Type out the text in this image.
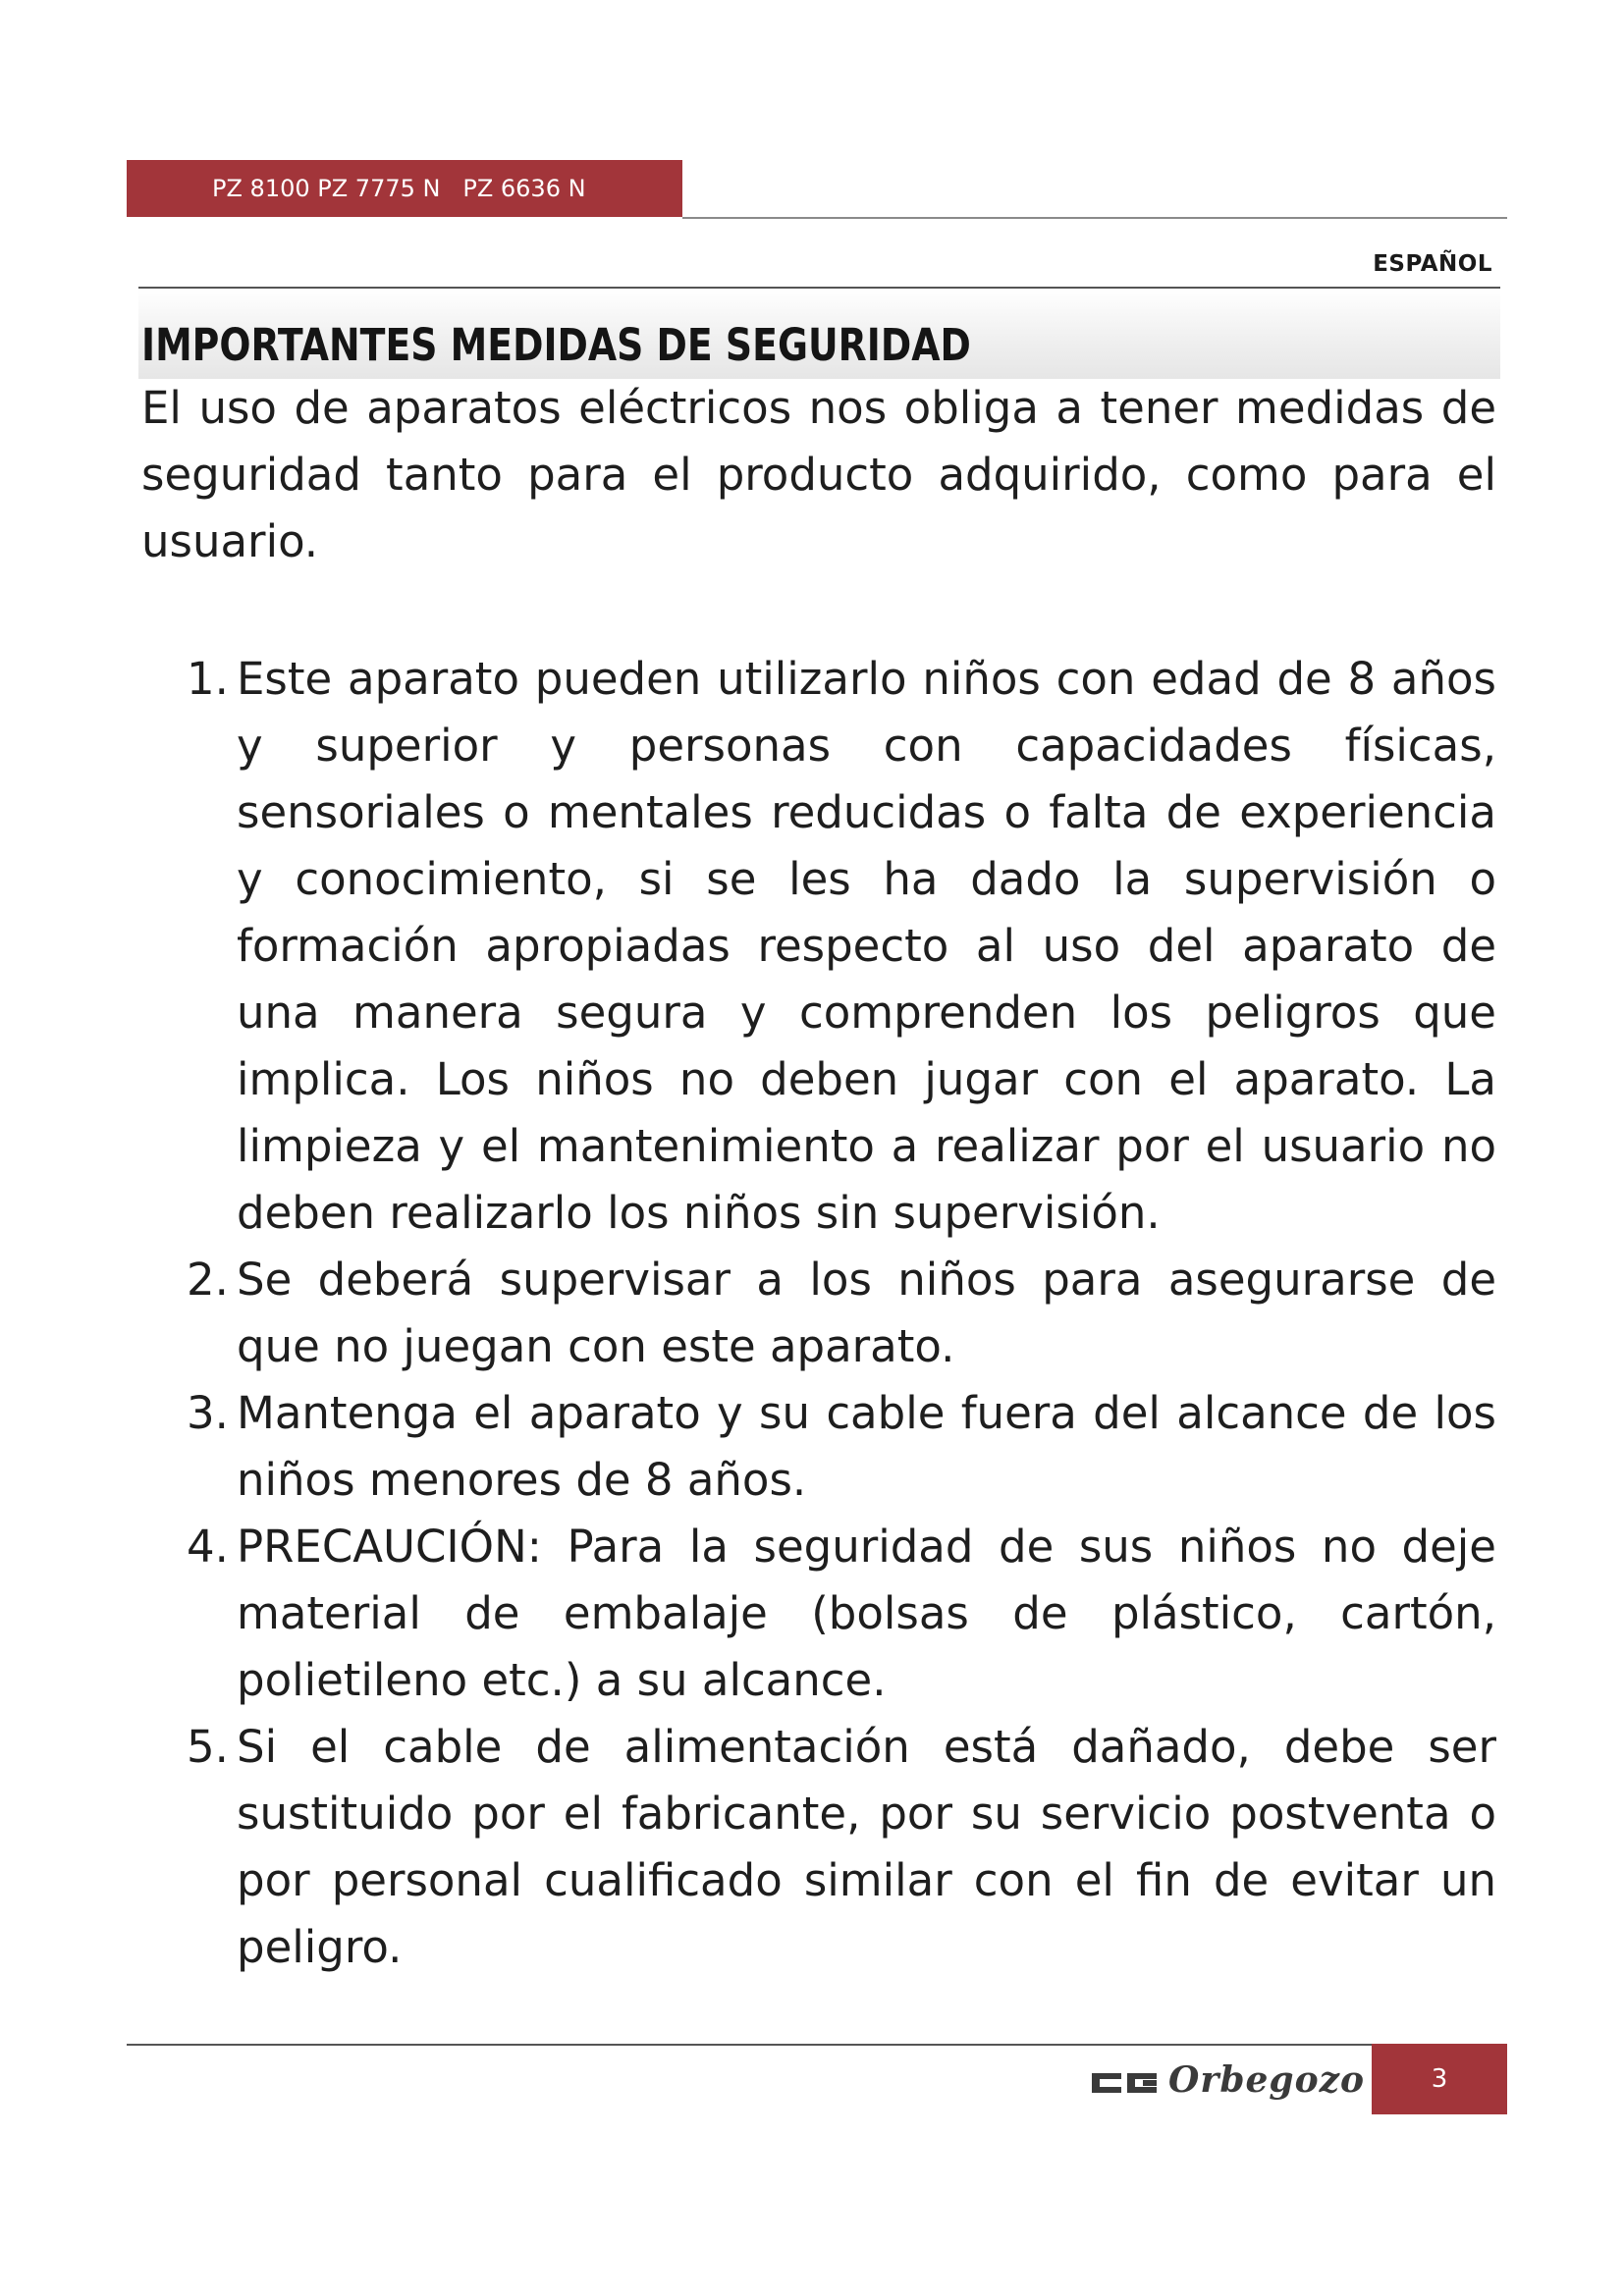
PZ 8100 PZ 7775 N   PZ 6636 N
ESPAÑOL
IMPORTANTES MEDIDAS DE SEGURIDAD

El uso de aparatos eléctricos nos obliga a tener medidas de seguridad tanto para el producto adquirido, como para el usuario.

1. Este aparato pueden utilizarlo niños con edad de 8 años y superior y personas con capacidades físicas, sensoriales o mentales reducidas o falta de experiencia y conocimiento, si se les ha dado la supervisión o formación apropiadas respecto al uso del aparato de una manera segura y comprenden los peligros que implica. Los niños no deben jugar con el aparato. La limpieza y el mantenimiento a realizar por el usuario no deben realizarlo los niños sin supervisión.
2. Se deberá supervisar a los niños para asegurarse de que no juegan con este aparato.
3. Mantenga el aparato y su cable fuera del alcance de los niños menores de 8 años.
4. PRECAUCIÓN: Para la seguridad de sus niños no deje material de embalaje (bolsas de plástico, cartón, polietileno etc.) a su alcance.
5. Si el cable de alimentación está dañado, debe ser sustituido por el fabricante, por su servicio postventa o por personal cualificado similar con el fin de evitar un peligro.
Orbegozo	3
